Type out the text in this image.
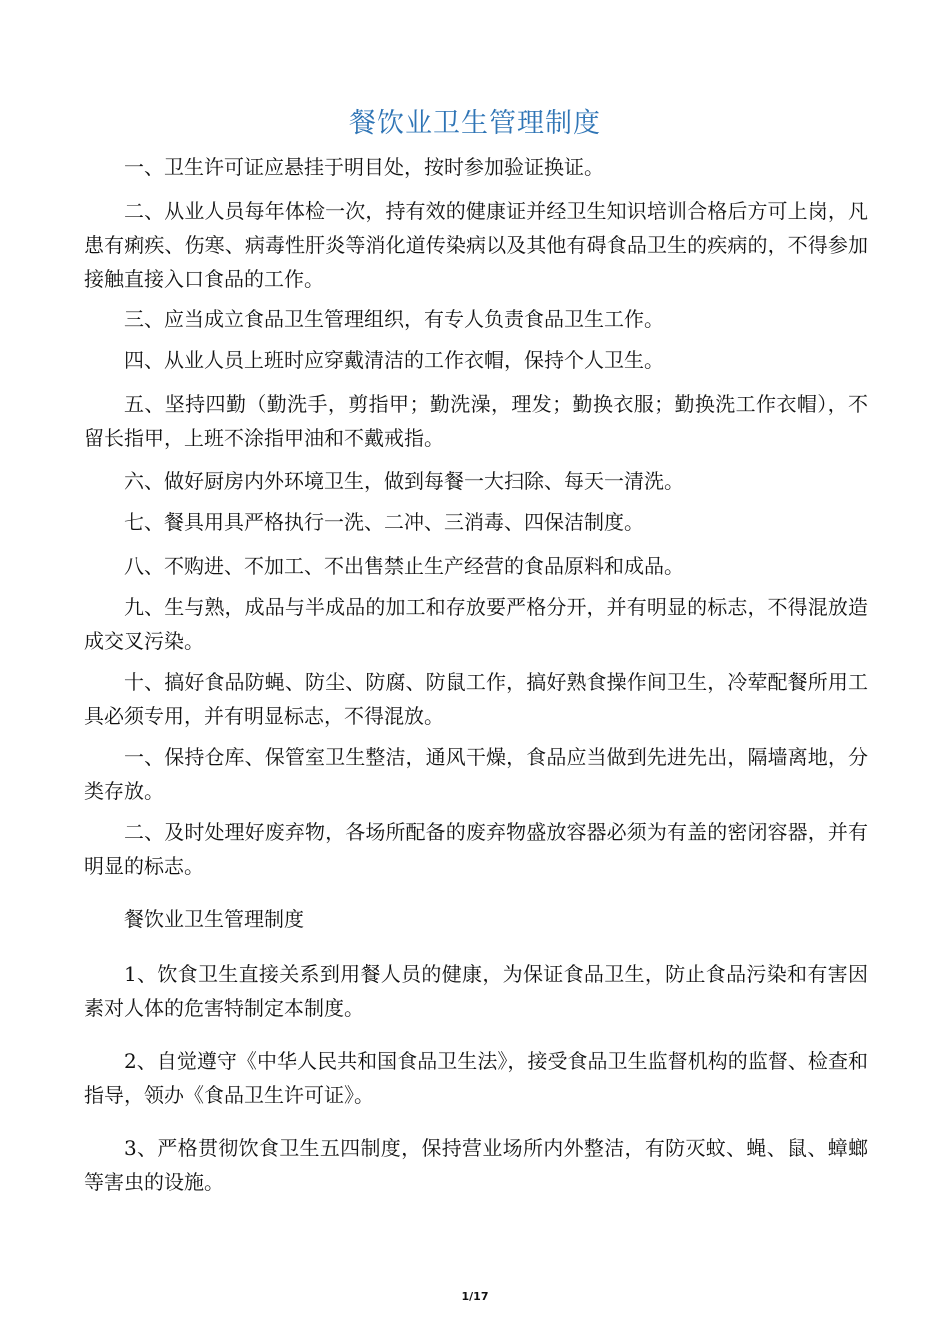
餐饮业卫生管理制度

一、卫生许可证应悬挂于明目处，按时参加验证换证。

二、从业人员每年体检一次，持有效的健康证并经卫生知识培训合格后方可上岗，凡患有痢疾、伤寒、病毒性肝炎等消化道传染病以及其他有碍食品卫生的疾病的，不得参加接触直接入口食品的工作。

三、应当成立食品卫生管理组织，有专人负责食品卫生工作。

四、从业人员上班时应穿戴清洁的工作衣帽，保持个人卫生。

五、坚持四勤（勤洗手，剪指甲；勤洗澡，理发；勤换衣服；勤换洗工作衣帽），不留长指甲，上班不涂指甲油和不戴戒指。

六、做好厨房内外环境卫生，做到每餐一大扫除、每天一清洗。

七、餐具用具严格执行一洗、二冲、三消毒、四保洁制度。

八、不购进、不加工、不出售禁止生产经营的食品原料和成品。

九、生与熟，成品与半成品的加工和存放要严格分开，并有明显的标志，不得混放造成交叉污染。

十、搞好食品防蝇、防尘、防腐、防鼠工作，搞好熟食操作间卫生，冷荤配餐所用工具必须专用，并有明显标志，不得混放。

一、保持仓库、保管室卫生整洁，通风干燥，食品应当做到先进先出，隔墙离地，分类存放。

二、及时处理好废弃物，各场所配备的废弃物盛放容器必须为有盖的密闭容器，并有明显的标志。

餐饮业卫生管理制度

1、饮食卫生直接关系到用餐人员的健康，为保证食品卫生，防止食品污染和有害因素对人体的危害特制定本制度。

2、自觉遵守《中华人民共和国食品卫生法》，接受食品卫生监督机构的监督、检查和指导，领办《食品卫生许可证》。

3、严格贯彻饮食卫生五四制度，保持营业场所内外整洁，有防灭蚊、蝇、鼠、蟑螂等害虫的设施。

1/17
